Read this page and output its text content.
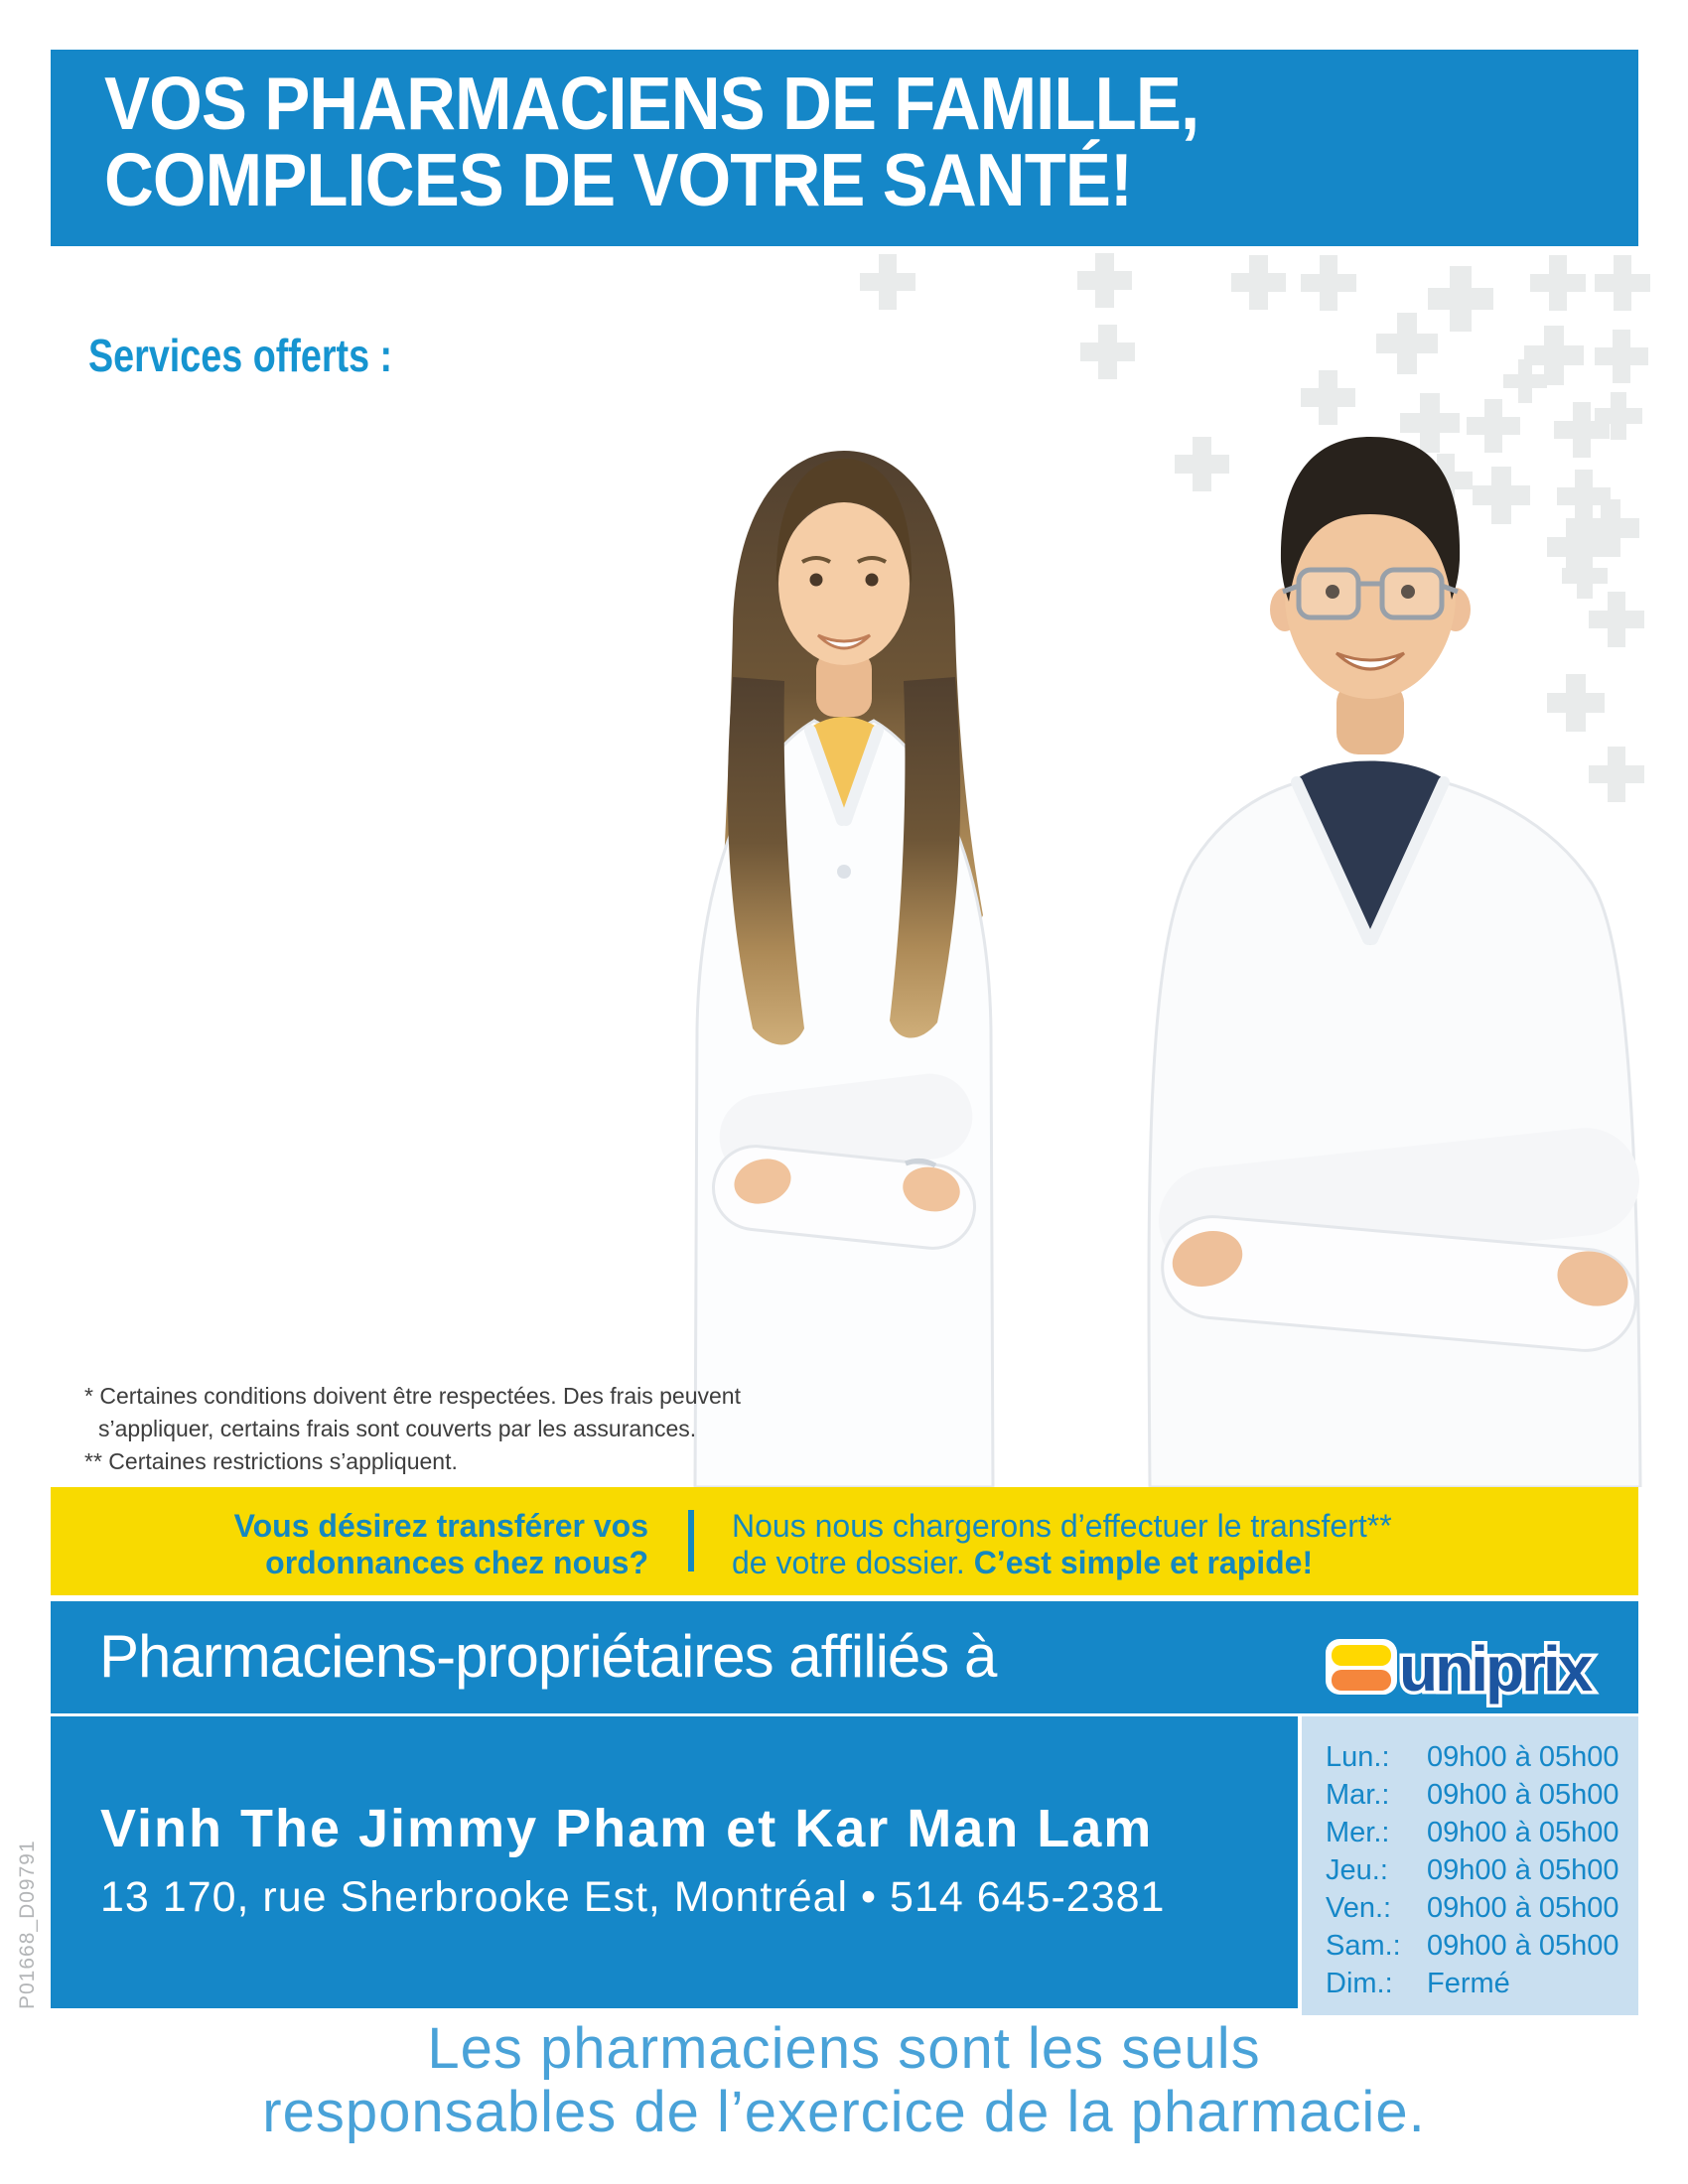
P01668_D09791
VOS PHARMACIENS DE FAMILLE,
COMPLICES DE VOTRE SANTÉ!
Services offerts :
* Certaines conditions doivent être respectées. Des frais peuvent
s’appliquer, certains frais sont couverts par les assurances.
** Certaines restrictions s’appliquent.
Vous désirez transférer vos
ordonnances chez nous?
Nous nous chargerons d’effectuer le transfert**
de votre dossier. C’est simple et rapide!
Pharmaciens-propriétaires affiliés à	uniprix
Vinh The Jimmy Pham et Kar Man Lam
13 170, rue Sherbrooke Est, Montréal • 514 645-2381
Lun.: 09h00 à 05h00
Mar.: 09h00 à 05h00
Mer.: 09h00 à 05h00
Jeu.: 09h00 à 05h00
Ven.: 09h00 à 05h00
Sam.: 09h00 à 05h00
Dim.: Fermé
Les pharmaciens sont les seuls
responsables de l’exercice de la pharmacie.
